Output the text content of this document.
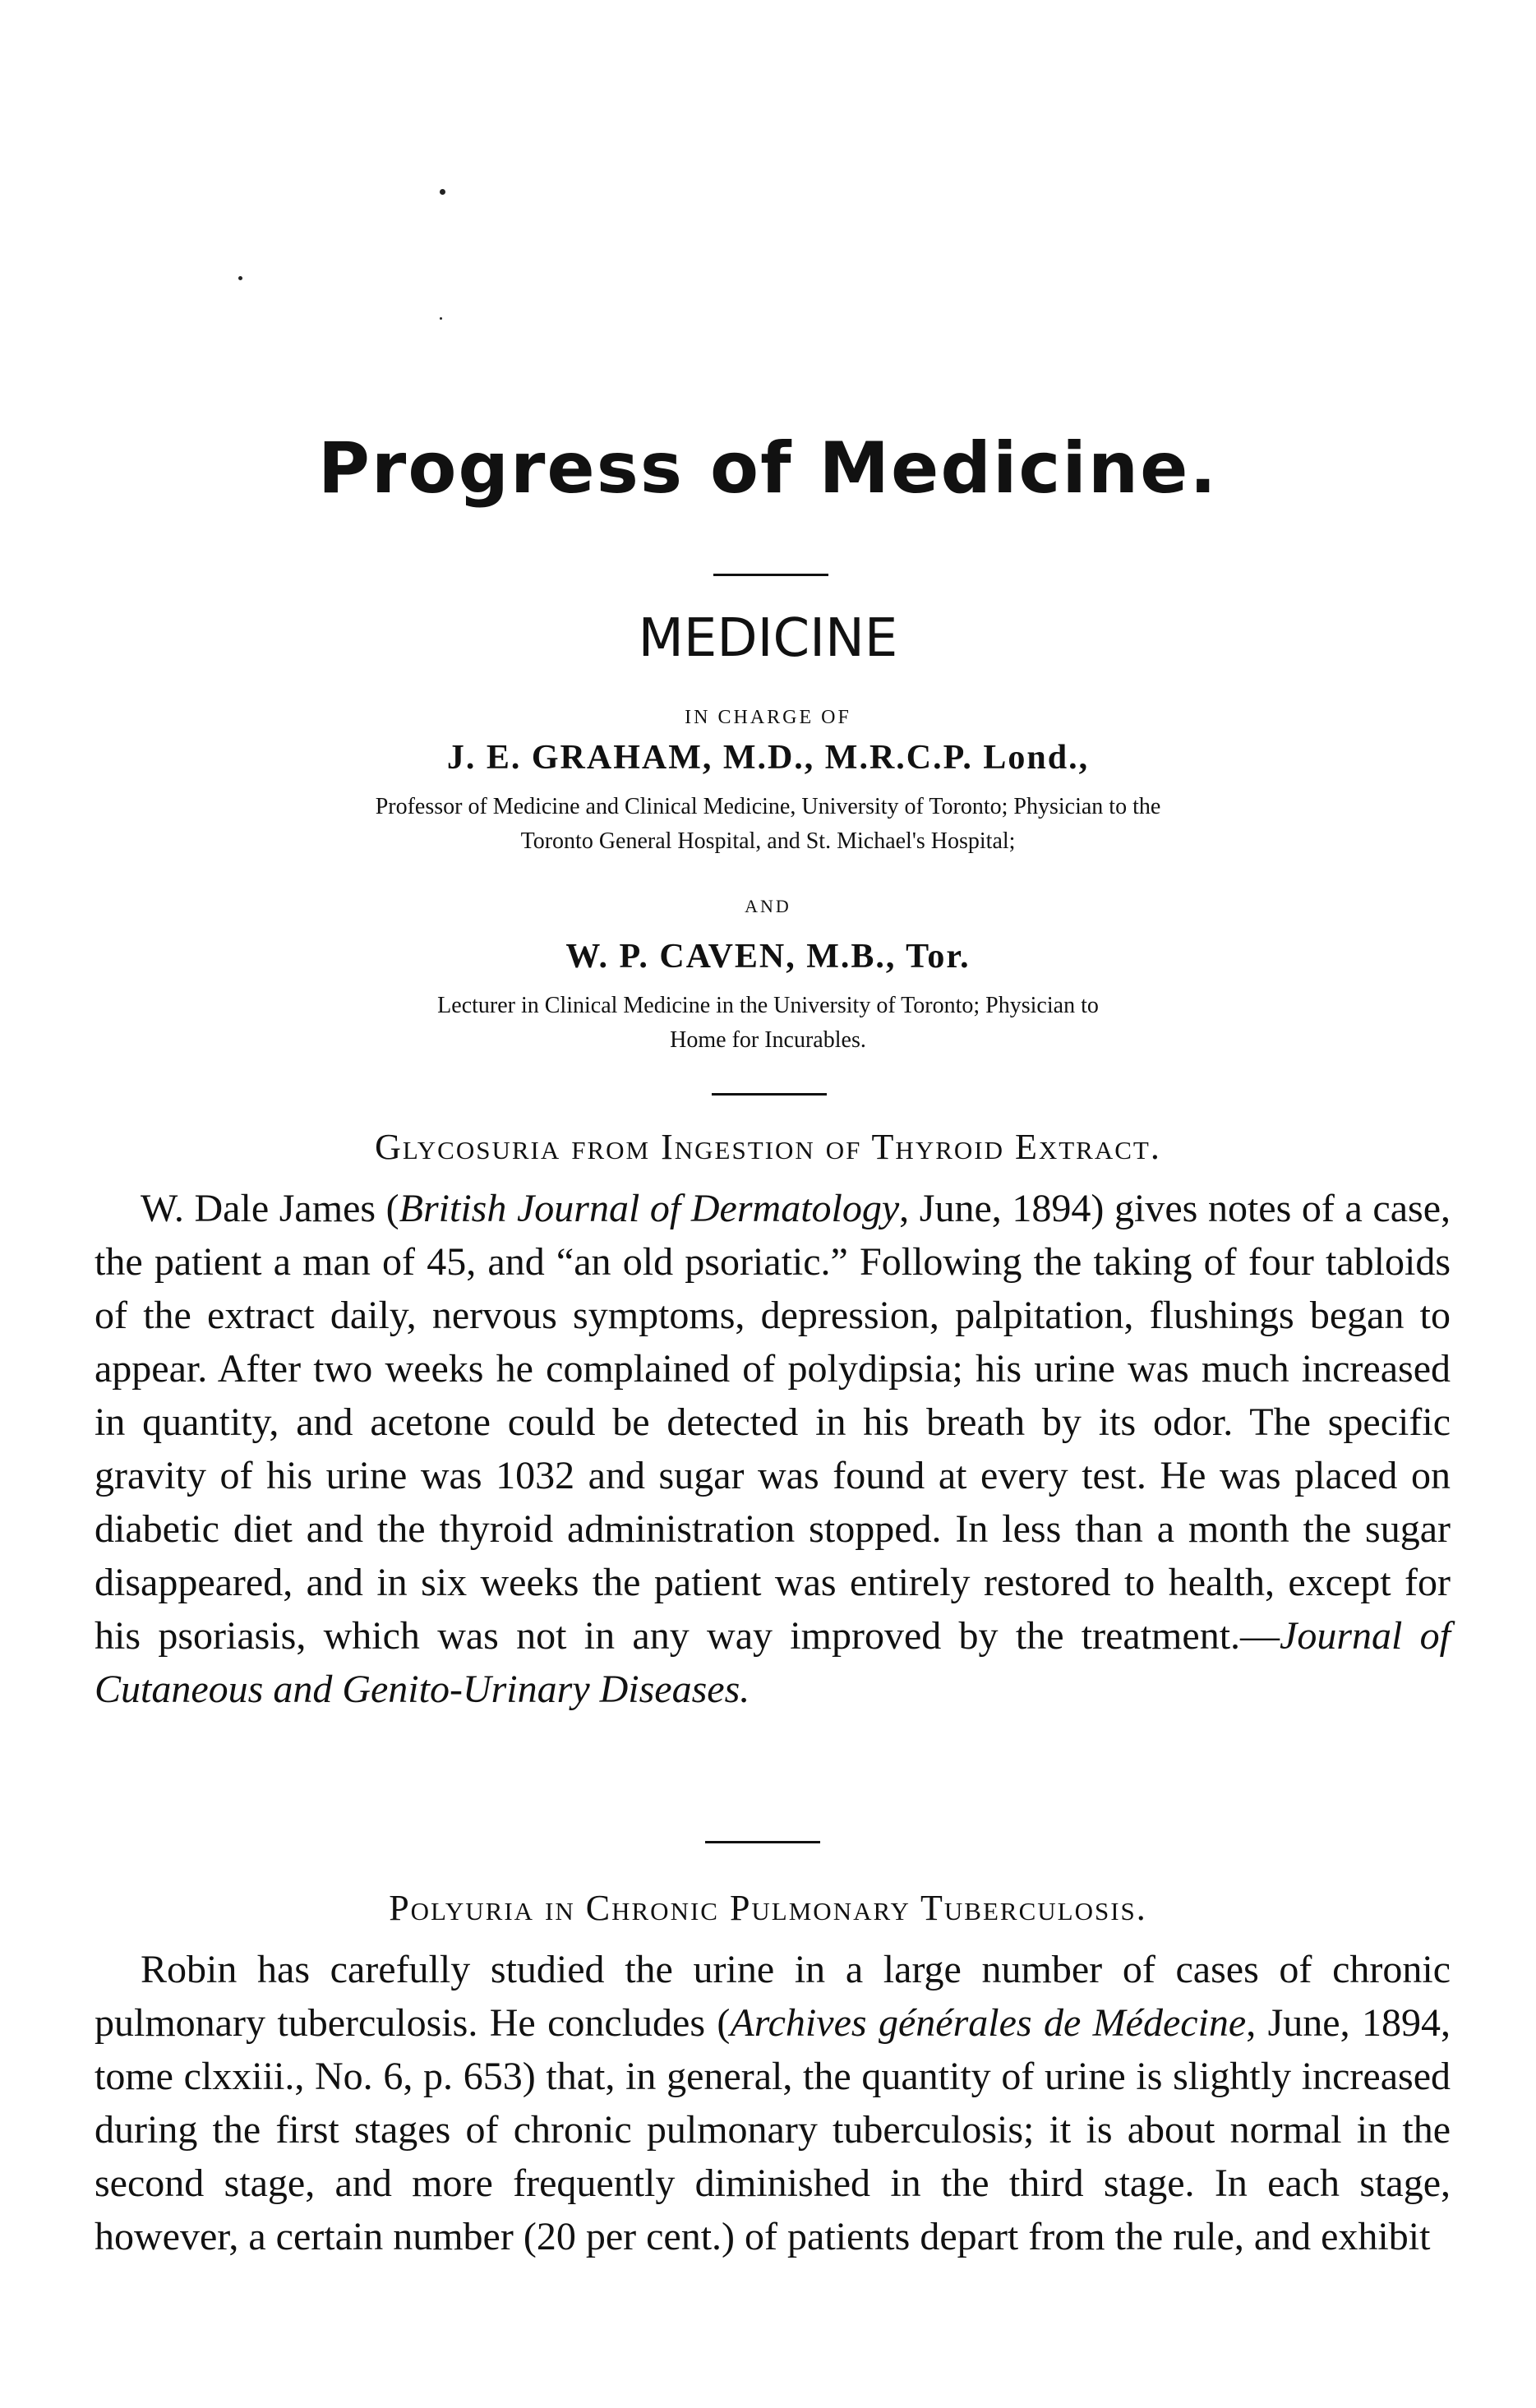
Progress of Medicine.
MEDICINE
IN CHARGE OF
J. E. GRAHAM, M.D., M.R.C.P. Lond.,
Professor of Medicine and Clinical Medicine, University of Toronto; Physician to the
Toronto General Hospital, and St. Michael's Hospital;
AND
W. P. CAVEN, M.B., Tor.
Lecturer in Clinical Medicine in the University of Toronto; Physician to
Home for Incurables.
Glycosuria from Ingestion of Thyroid Extract.

W. Dale James (British Journal of Dermatology, June, 1894) gives notes of a case, the patient a man of 45, and “an old psoriatic.” Following the taking of four tabloids of the extract daily, nervous symptoms, depression, palpitation, flushings began to appear. After two weeks he complained of polydipsia; his urine was much increased in quantity, and acetone could be detected in his breath by its odor. The specific gravity of his urine was 1032 and sugar was found at every test. He was placed on diabetic diet and the thyroid administration stopped. In less than a month the sugar disappeared, and in six weeks the patient was entirely restored to health, except for his psoriasis, which was not in any way improved by the treatment.—Journal of Cutaneous and Genito-Urinary Diseases.

Polyuria in Chronic Pulmonary Tuberculosis.

Robin has carefully studied the urine in a large number of cases of chronic pulmonary tuberculosis. He concludes (Archives générales de Médecine, June, 1894, tome clxxiii., No. 6, p. 653) that, in general, the quantity of urine is slightly increased during the first stages of chronic pulmonary tuberculosis; it is about normal in the second stage, and more frequently diminished in the third stage. In each stage, however, a certain number (20 per cent.) of patients depart from the rule, and exhibit
